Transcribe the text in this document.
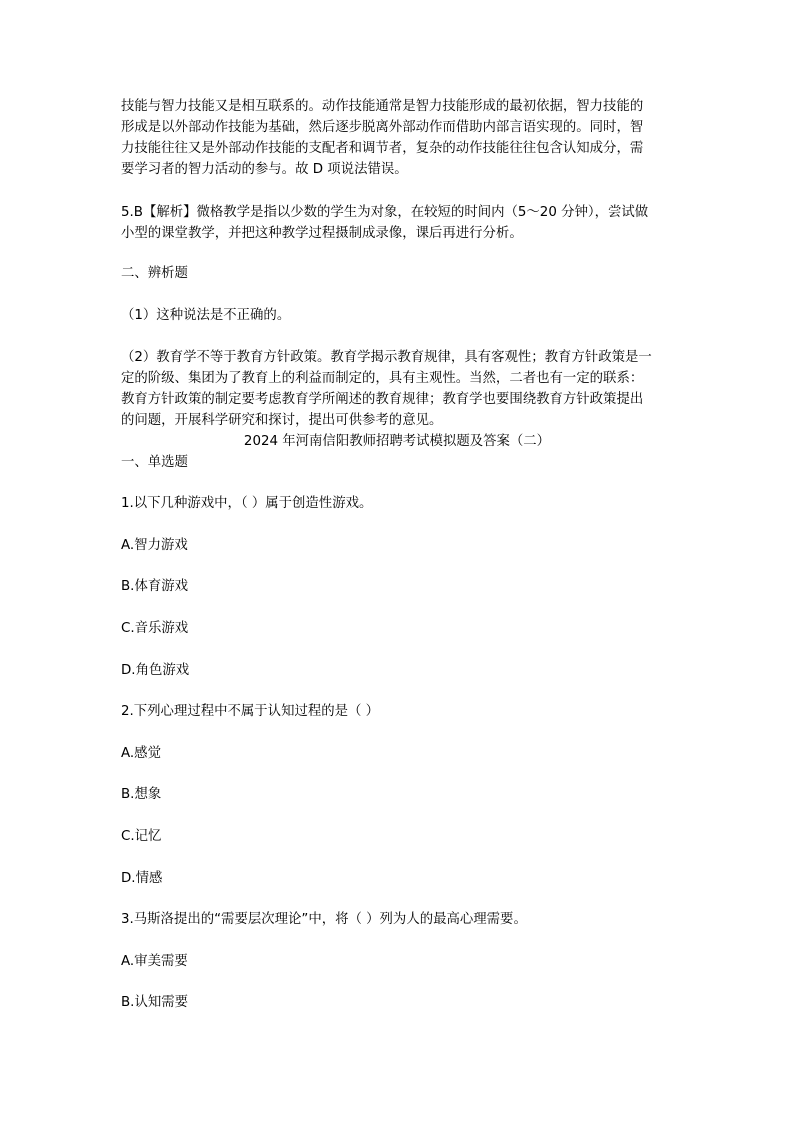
技能与智力技能又是相互联系的。动作技能通常是智力技能形成的最初依据，智力技能的
形成是以外部动作技能为基础，然后逐步脱离外部动作而借助内部言语实现的。同时，智
力技能往往又是外部动作技能的支配者和调节者，复杂的动作技能往往包含认知成分，需
要学习者的智力活动的参与。故 D 项说法错误。
5.B【解析】微格教学是指以少数的学生为对象，在较短的时间内（5～20 分钟），尝试做
小型的课堂教学，并把这种教学过程摄制成录像，课后再进行分析。
二、辨析题
（1）这种说法是不正确的。
（2）教育学不等于教育方针政策。教育学揭示教育规律，具有客观性；教育方针政策是一
定的阶级、集团为了教育上的利益而制定的，具有主观性。当然，二者也有一定的联系：
教育方针政策的制定要考虑教育学所阐述的教育规律；教育学也要围绕教育方针政策提出
的问题，开展科学研究和探讨，提出可供参考的意见。
2024 年河南信阳教师招聘考试模拟题及答案（二）
一、单选题
1.以下几种游戏中，（ ）属于创造性游戏。
A.智力游戏
B.体育游戏
C.音乐游戏
D.角色游戏
2.下列心理过程中不属于认知过程的是（ ）
A.感觉
B.想象
C.记忆
D.情感
3.马斯洛提出的“需要层次理论”中，将（ ）列为人的最高心理需要。
A.审美需要
B.认知需要
